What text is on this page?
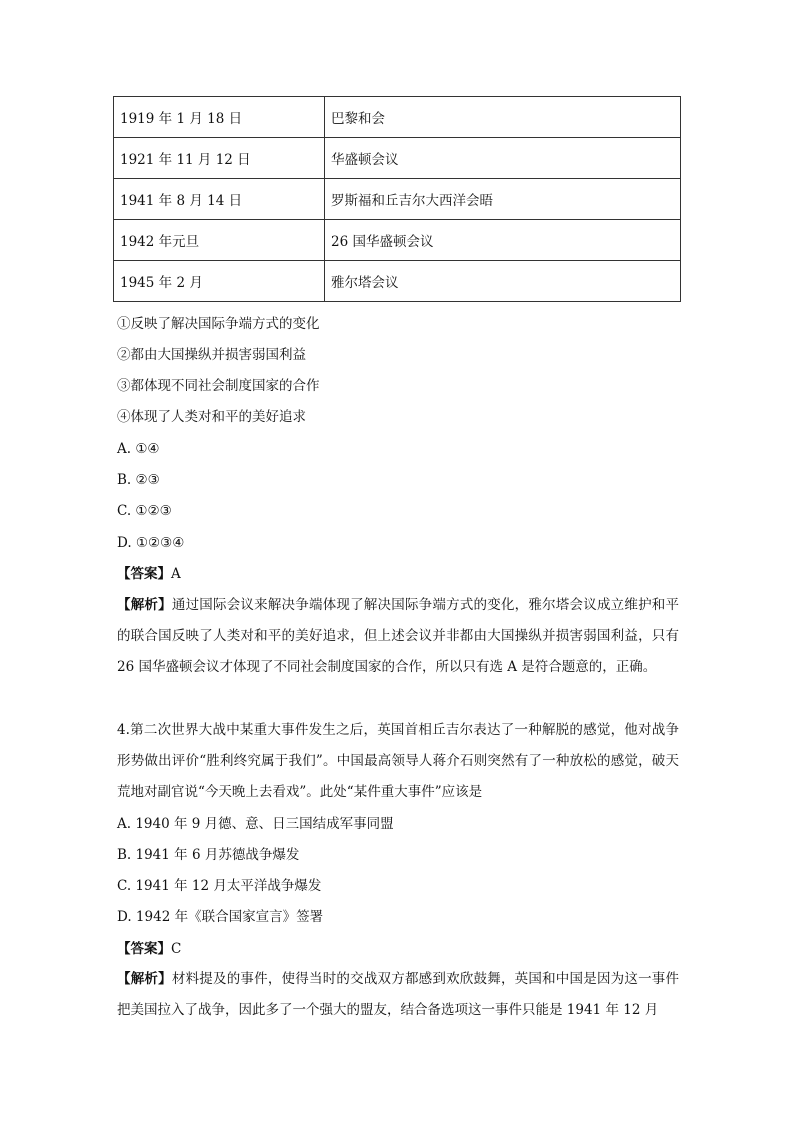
1919 年 1 月 18 日	巴黎和会
1921 年 11 月 12 日	华盛顿会议
1941 年 8 月 14 日	罗斯福和丘吉尔大西洋会晤
1942 年元旦	26 国华盛顿会议
1945 年 2 月	雅尔塔会议
①反映了解决国际争端方式的变化
②都由大国操纵并损害弱国利益
③都体现不同社会制度国家的合作
④体现了人类对和平的美好追求
A. ①④
B. ②③
C. ①②③
D. ①②③④
【答案】A
【解析】通过国际会议来解决争端体现了解决国际争端方式的变化，雅尔塔会议成立维护和平的联合国反映了人类对和平的美好追求，但上述会议并非都由大国操纵并损害弱国利益，只有 26 国华盛顿会议才体现了不同社会制度国家的合作，所以只有选 A 是符合题意的，正确。
4.第二次世界大战中某重大事件发生之后，英国首相丘吉尔表达了一种解脱的感觉，他对战争形势做出评价“胜利终究属于我们”。中国最高领导人蒋介石则突然有了一种放松的感觉，破天荒地对副官说“今天晚上去看戏”。此处“某件重大事件”应该是
A. 1940 年 9 月德、意、日三国结成军事同盟
B. 1941 年 6 月苏德战争爆发
C. 1941 年 12 月太平洋战争爆发
D. 1942 年《联合国家宣言》签署
【答案】C
【解析】材料提及的事件，使得当时的交战双方都感到欢欣鼓舞，英国和中国是因为这一事件把美国拉入了战争，因此多了一个强大的盟友，结合备选项这一事件只能是 1941 年 12 月
